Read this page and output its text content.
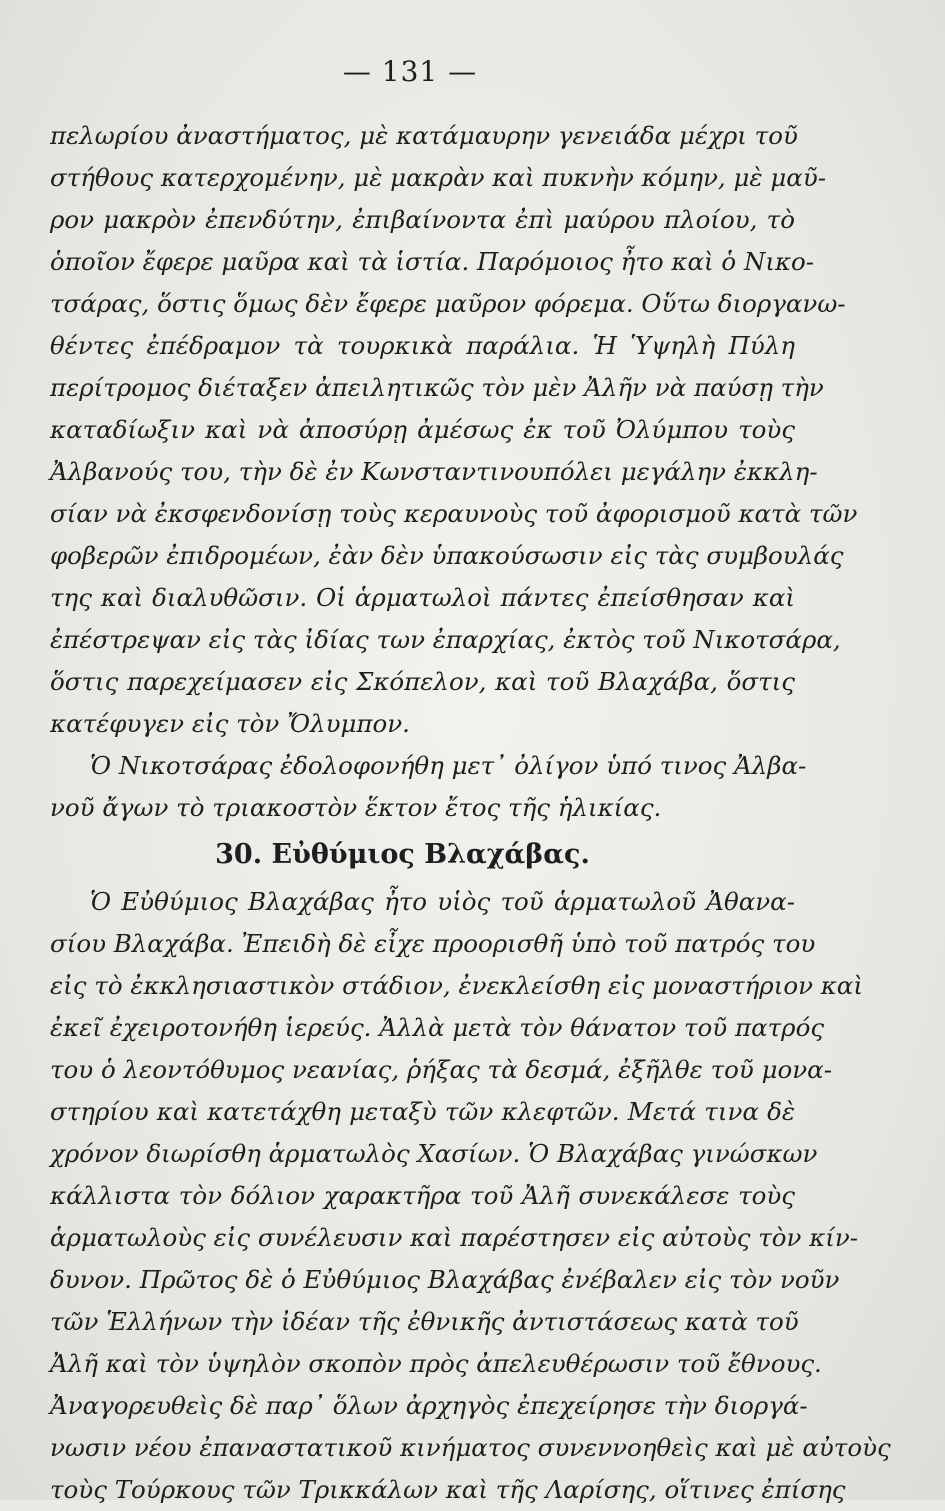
— 131 —
πελωρίου ἀναστήματος, μὲ κατάμαυρην γενειάδα μέχρι τοῦ
στήθους κατερχομένην, μὲ μακρὰν καὶ πυκνὴν κόμην, μὲ μαῦ-
ρον μακρὸν ἐπενδύτην, ἐπιβαίνοντα ἐπὶ μαύρου πλοίου, τὸ
ὁποῖον ἔφερε μαῦρα καὶ τὰ ἱστία. Παρόμοιος ἦτο καὶ ὁ Νικο-
τσάρας, ὅστις ὅμως δὲν ἔφερε μαῦρον φόρεμα. Οὕτω διοργανω-
θέντες ἐπέδραμον τὰ τουρκικὰ παράλια. Ἡ Ὑψηλὴ Πύλη
περίτρομος διέταξεν ἀπειλητικῶς τὸν μὲν Ἀλῆν νὰ παύσῃ τὴν
καταδίωξιν καὶ νὰ ἀποσύρῃ ἀμέσως ἐκ τοῦ Ὀλύμπου τοὺς
Ἀλβανούς του, τὴν δὲ ἐν Κωνσταντινουπόλει μεγάλην ἐκκλη-
σίαν νὰ ἐκσφενδονίσῃ τοὺς κεραυνοὺς τοῦ ἀφορισμοῦ κατὰ τῶν
φοβερῶν ἐπιδρομέων, ἐὰν δὲν ὑπακούσωσιν εἰς τὰς συμβουλάς
της καὶ διαλυθῶσιν. Οἱ ἁρματωλοὶ πάντες ἐπείσθησαν καὶ
ἐπέστρεψαν εἰς τὰς ἰδίας των ἐπαρχίας, ἐκτὸς τοῦ Νικοτσάρα,
ὅστις παρεχείμασεν εἰς Σκόπελον, καὶ τοῦ Βλαχάβα, ὅστις
κατέφυγεν εἰς τὸν Ὄλυμπον.
Ὁ Νικοτσάρας ἐδολοφονήθη μετ᾽ ὀλίγον ὑπό τινος Ἀλβα-
νοῦ ἄγων τὸ τριακοστὸν ἕκτον ἔτος τῆς ἡλικίας.
30. Εὐθύμιος Βλαχάβας.
Ὁ Εὐθύμιος Βλαχάβας ἦτο υἱὸς τοῦ ἁρματωλοῦ Ἀθανα-
σίου Βλαχάβα. Ἐπειδὴ δὲ εἶχε προορισθῆ ὑπὸ τοῦ πατρός του
εἰς τὸ ἐκκλησιαστικὸν στάδιον, ἐνεκλείσθη εἰς μοναστήριον καὶ
ἐκεῖ ἐχειροτονήθη ἱερεύς. Ἀλλὰ μετὰ τὸν θάνατον τοῦ πατρός
του ὁ λεοντόθυμος νεανίας, ῥήξας τὰ δεσμά, ἐξῆλθε τοῦ μονα-
στηρίου καὶ κατετάχθη μεταξὺ τῶν κλεφτῶν. Μετά τινα δὲ
χρόνον διωρίσθη ἁρματωλὸς Χασίων. Ὁ Βλαχάβας γινώσκων
κάλλιστα τὸν δόλιον χαρακτῆρα τοῦ Ἀλῆ συνεκάλεσε τοὺς
ἁρματωλοὺς εἰς συνέλευσιν καὶ παρέστησεν εἰς αὐτοὺς τὸν κίν-
δυνον. Πρῶτος δὲ ὁ Εὐθύμιος Βλαχάβας ἐνέβαλεν εἰς τὸν νοῦν
τῶν Ἑλλήνων τὴν ἰδέαν τῆς ἐθνικῆς ἀντιστάσεως κατὰ τοῦ
Ἀλῆ καὶ τὸν ὑψηλὸν σκοπὸν πρὸς ἀπελευθέρωσιν τοῦ ἔθνους.
Ἀναγορευθεὶς δὲ παρ᾽ ὅλων ἀρχηγὸς ἐπεχείρησε τὴν διοργά-
νωσιν νέου ἐπαναστατικοῦ κινήματος συνεννοηθεὶς καὶ μὲ αὐτοὺς
τοὺς Τούρκους τῶν Τρικκάλων καὶ τῆς Λαρίσης, οἵτινες ἐπίσης
